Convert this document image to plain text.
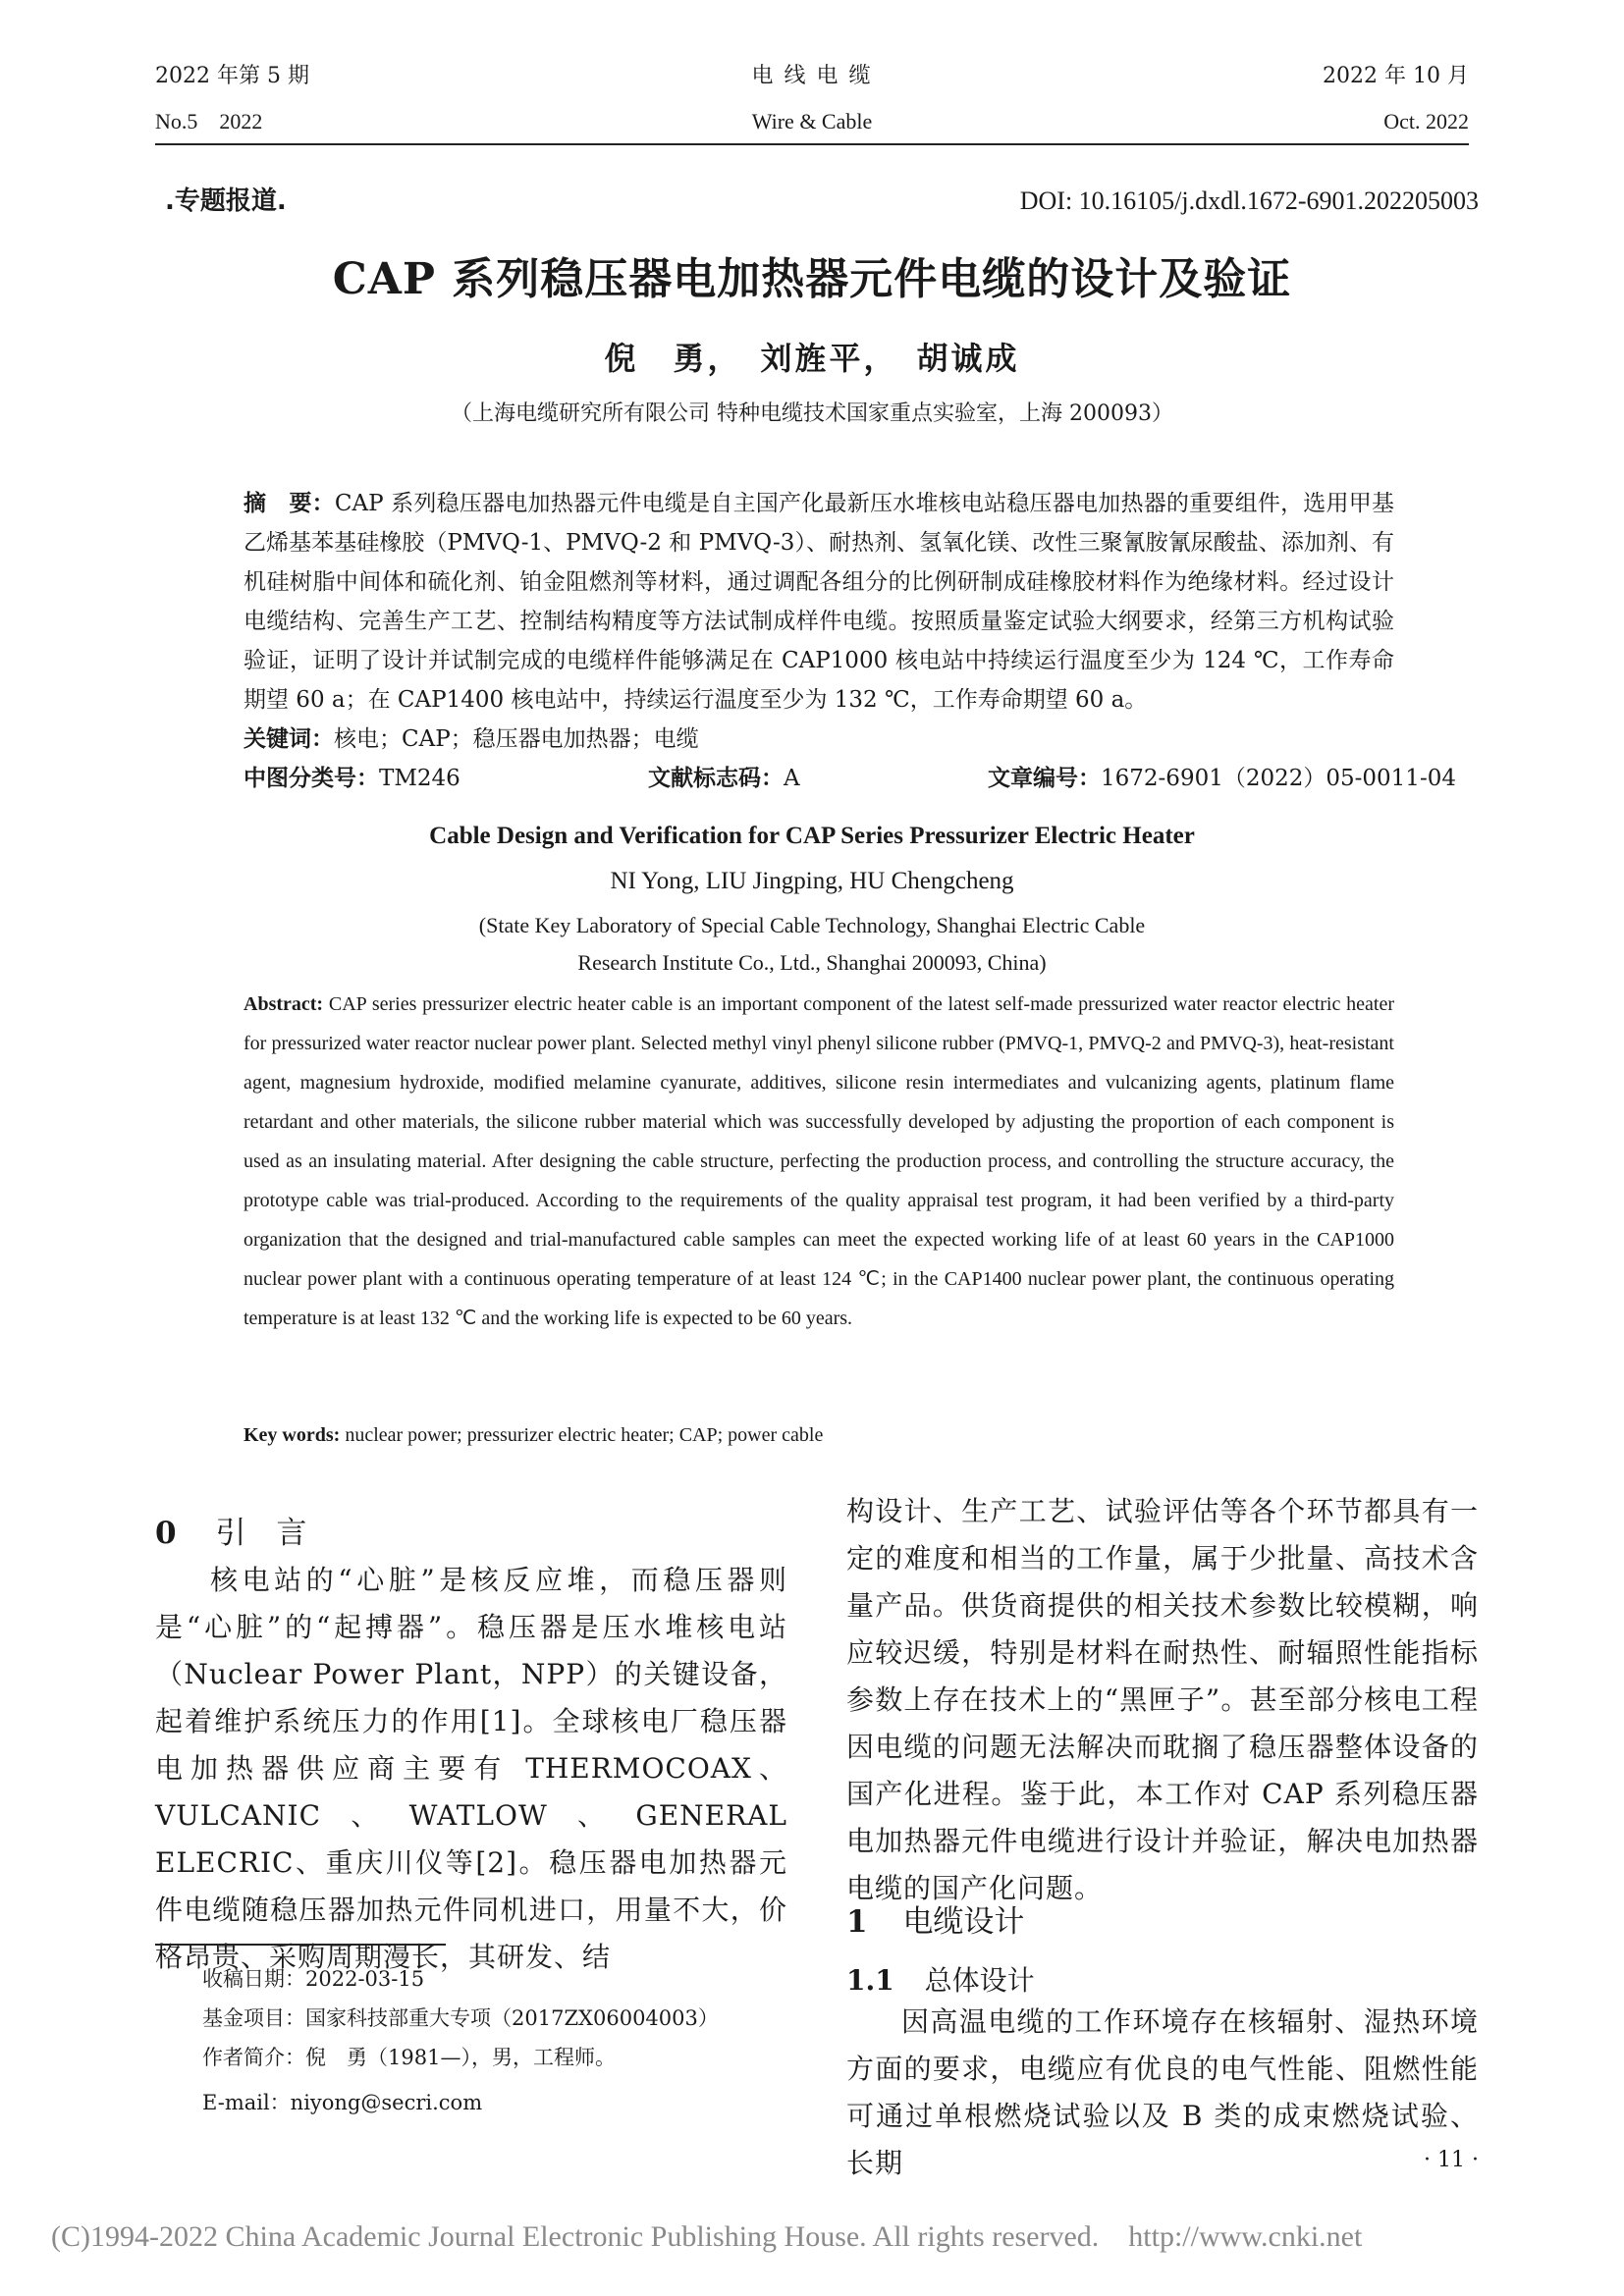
2022 年第 5 期
No.5    2022
电 线 电 缆
Wire & Cable
2022 年 10 月
Oct. 2022
.专题报道.	DOI: 10.16105/j.dxdl.1672-6901.202205003
CAP 系列稳压器电加热器元件电缆的设计及验证
倪　勇，　刘旌平，　胡诚成
（上海电缆研究所有限公司 特种电缆技术国家重点实验室，上海 200093）
摘　要：CAP 系列稳压器电加热器元件电缆是自主国产化最新压水堆核电站稳压器电加热器的重要组件，选用甲基乙烯基苯基硅橡胶（PMVQ-1、PMVQ-2 和 PMVQ-3）、耐热剂、氢氧化镁、改性三聚氰胺氰尿酸盐、添加剂、有机硅树脂中间体和硫化剂、铂金阻燃剂等材料，通过调配各组分的比例研制成硅橡胶材料作为绝缘材料。经过设计电缆结构、完善生产工艺、控制结构精度等方法试制成样件电缆。按照质量鉴定试验大纲要求，经第三方机构试验验证，证明了设计并试制完成的电缆样件能够满足在 CAP1000 核电站中持续运行温度至少为 124 ℃，工作寿命期望 60 a；在 CAP1400 核电站中，持续运行温度至少为 132 ℃，工作寿命期望 60 a。
关键词：核电；CAP；稳压器电加热器；电缆
中图分类号：TM246	文献标志码：A	文章编号：1672-6901（2022）05-0011-04
Cable Design and Verification for CAP Series Pressurizer Electric Heater
NI Yong, LIU Jingping, HU Chengcheng
(State Key Laboratory of Special Cable Technology, Shanghai Electric Cable
Research Institute Co., Ltd., Shanghai 200093, China)
Abstract: CAP series pressurizer electric heater cable is an important component of the latest self-made pressurized water reactor electric heater for pressurized water reactor nuclear power plant. Selected methyl vinyl phenyl silicone rubber (PMVQ-1, PMVQ-2 and PMVQ-3), heat-resistant agent, magnesium hydroxide, modified melamine cyanurate, additives, silicone resin intermediates and vulcanizing agents, platinum flame retardant and other materials, the silicone rubber material which was successfully developed by adjusting the proportion of each component is used as an insulating material. After designing the cable structure, perfecting the production process, and controlling the structure accuracy, the prototype cable was trial-produced. According to the requirements of the quality appraisal test program, it had been verified by a third-party organization that the designed and trial-manufactured cable samples can meet the expected working life of at least 60 years in the CAP1000 nuclear power plant with a continuous operating temperature of at least 124 ℃; in the CAP1400 nuclear power plant, the continuous operating temperature is at least 132 ℃ and the working life is expected to be 60 years.
Key words: nuclear power; pressurizer electric heater; CAP; power cable
0 引　言
核电站的“心脏”是核反应堆，而稳压器则是“心脏”的“起搏器”。稳压器是压水堆核电站（Nuclear Power Plant，NPP）的关键设备，起着维护系统压力的作用[1]。全球核电厂稳压器电加热器供应商主要有 THERMOCOAX、VULCANIC、WATLOW、GENERAL ELECRIC、重庆川仪等[2]。稳压器电加热器元件电缆随稳压器加热元件同机进口，用量不大，价格昂贵、采购周期漫长，其研发、结
收稿日期：2022-03-15
基金项目：国家科技部重大专项（2017ZX06004003）
作者简介：倪　勇（1981—），男，工程师。
E-mail：niyong@secri.com
构设计、生产工艺、试验评估等各个环节都具有一定的难度和相当的工作量，属于少批量、高技术含量产品。供货商提供的相关技术参数比较模糊，响应较迟缓，特别是材料在耐热性、耐辐照性能指标参数上存在技术上的“黑匣子”。甚至部分核电工程因电缆的问题无法解决而耽搁了稳压器整体设备的国产化进程。鉴于此，本工作对 CAP 系列稳压器电加热器元件电缆进行设计并验证，解决电加热器电缆的国产化问题。
1 电缆设计
1.1 总体设计
因高温电缆的工作环境存在核辐射、湿热环境方面的要求，电缆应有优良的电气性能、阻燃性能可通过单根燃烧试验以及 B 类的成束燃烧试验、长期	· 11 ·
(C)1994-2022 China Academic Journal Electronic Publishing House. All rights reserved.    http://www.cnki.net
